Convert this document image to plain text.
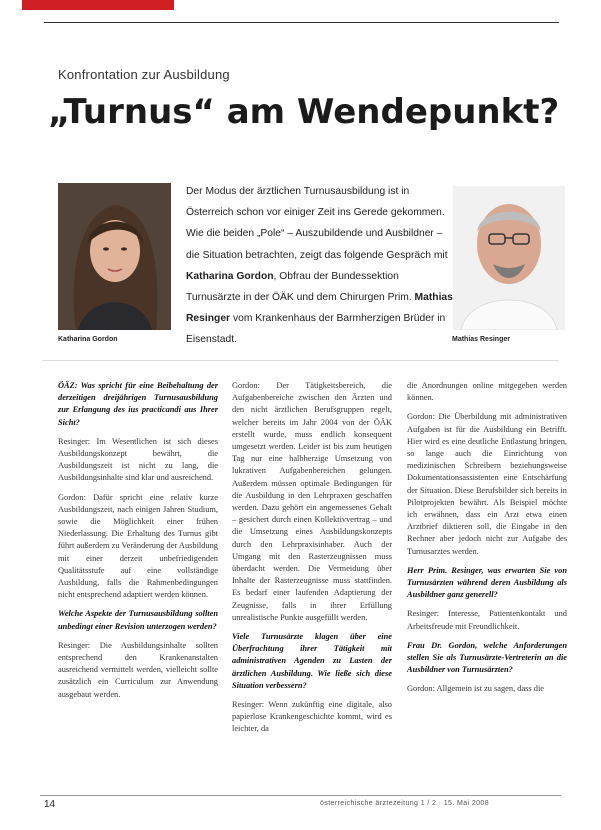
Konfrontation zur Ausbildung
„Turnus“ am Wendepunkt?
Katharina Gordon	Mathias Resinger
Der Modus der ärztlichen Turnusausbildung ist in Österreich schon vor einiger Zeit ins Gerede gekommen. Wie die beiden „Pole“ – Auszubildende und Ausbildner – die Situation betrachten, zeigt das folgende Gespräch mit Katharina Gordon, Obfrau der Bundessektion Turnusärzte in der ÖÄK und dem Chirurgen Prim. Mathias Resinger vom Krankenhaus der Barmherzigen Brüder in Eisenstadt.

ÖÄZ: Was spricht für eine Beibehaltung der derzeitigen dreijährigen Turnusausbildung zur Erlangung des ius practicandi aus Ihrer Sicht?

Resinger: Im Wesentlichen ist sich dieses Ausbildungskonzept bewährt, die Ausbildungszeit ist nicht zu lang, die Ausbildungsinhalte sind klar und ausreichend.

Gordon: Dafür spricht eine relativ kurze Ausbildungszeit, nach einigen Jahren Studium, sowie die Möglichkeit einer frühen Niederlassung. Die Erhaltung des Turnus gibt führt außerdem zu Veränderung der Ausbildung mit einer derzeit unbefriedigenden Qualitätsstufe auf eine vollständige Ausbildung, falls die Rahmenbedingungen nicht entsprechend adaptiert werden können.

Welche Aspekte der Turnusausbildung sollten unbedingt einer Revision unterzogen werden?

Resinger: Die Ausbildungsinhalte sollten entsprechend den Krankenanstalten ausreichend vermittelt werden, vielleicht sollte zusätzlich ein Curriculum zur Anwendung ausgebaut werden.

Gordon: Der Tätigkeitsbereich, die Aufgabenbereiche zwischen den Ärzten und den nicht ärztlichen Berufsgruppen regelt, welcher bereits im Jahr 2004 von der ÖÄK erstellt wurde, muss endlich konsequent umgesetzt werden. Leider ist bis zum heutigen Tag nur eine halbherzige Umsetzung von lukrativen Aufgabenbereichen gelungen. Außerdem müssen optimale Bedingungen für die Ausbildung in den Lehrpraxen geschaffen werden. Dazu gehört ein angemessenes Gehalt – gesichert durch einen Kollektivvertrag – und die Umsetzung eines Ausbildungskonzepts durch den Lehrpraxisinhaber. Auch der Umgang mit den Rasterzeugnissen muss überdacht werden. Die Vermeidung über Inhalte der Rasterzeugnisse muss stattfinden. Es bedarf einer laufenden Adaptierung der Zeugnisse, falls in ihrer Erfüllung unrealistische Punkte ausgefüllt werden.

Viele Turnusärzte klagen über eine Überfrachtung ihrer Tätigkeit mit administrativen Agenden zu Lasten der ärztlichen Ausbildung. Wie ließe sich diese Situation verbessern?

Resinger: Wenn zukünftig eine digitale, also papierlose Krankengeschichte kommt, wird es leichter, da

die Anordnungen online mitgegeben werden können.

Gordon: Die Überbildung mit administrativen Aufgaben ist für die Ausbildung ein Betrifft. Hier wird es eine deutliche Entlastung bringen, so lange auch die Einrichtung von medizinischen Schreibern beziehungsweise Dokumentationsassistenten eine Entschärfung der Situation. Diese Berufsbilder sich bereits in Pilotprojekten bewährt. Als Beispiel möchte ich erwähnen, dass ein Arzt etwa einen Arztbrief diktieren soll, die Eingabe in den Rechner aber jedoch nicht zur Aufgabe des Turnusarztes werden.

Herr Prim. Resinger, was erwarten Sie von Turnusärzten während deren Ausbildung als Ausbildner ganz generell?

Resinger: Interesse, Patientenkontakt und Arbeitsfreude mit Freundlichkeit.

Frau Dr. Gordon, welche Anforderungen stellen Sie als Turnusärzte-Vertreterin an die Ausbildner von Turnusärzten?

Gordon: Allgemein ist zu sagen, dass die

14	österreichische ärztezeitung 1 / 2 · 15. Mai 2008
